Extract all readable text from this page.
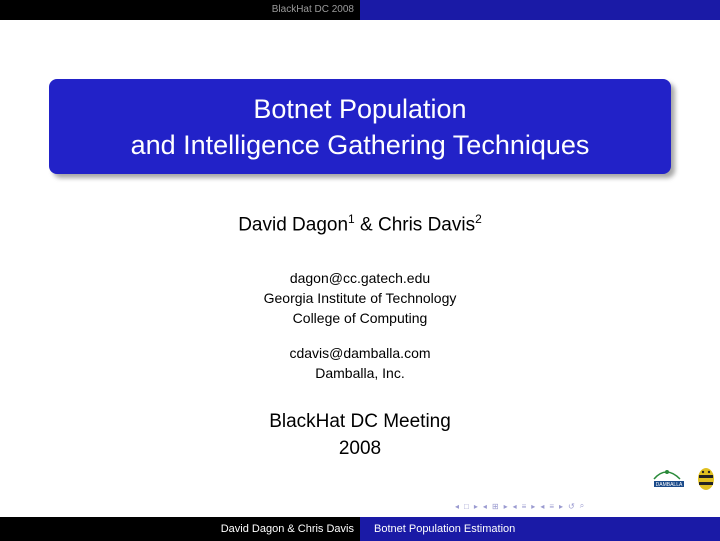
BlackHat DC 2008
Botnet Population
and Intelligence Gathering Techniques
David Dagon$^1$ & Chris Davis$^2$
dagon@cc.gatech.edu
Georgia Institute of Technology
College of Computing
cdavis@damballa.com
Damballa, Inc.
BlackHat DC Meeting
2008
DAMBALLA
◂ □ ▸ ◂ ⊞ ▸ ◂ ≡ ▸ ◂ ≡ ▸ ↺ ⌕
David Dagon & Chris Davis	Botnet Population Estimation
